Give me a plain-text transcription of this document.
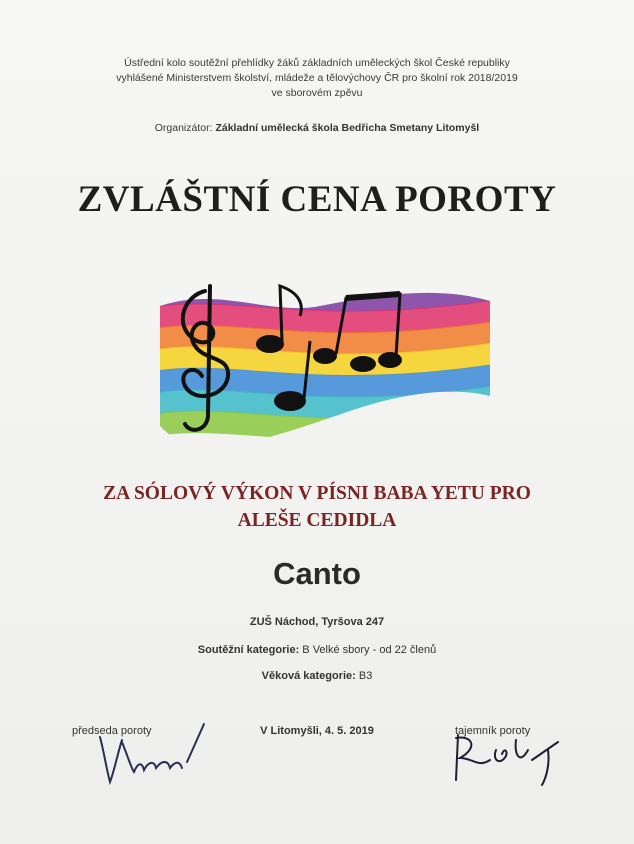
Ústřední kolo soutěžní přehlídky žáků základních uměleckých škol České republiky
vyhlášené Ministerstvem školství, mládeže a tělovýchovy ČR pro školní rok 2018/2019
ve sborovém zpěvu
Organizátor: Základní umělecká škola Bedřicha Smetany Litomyšl
ZVLÁŠTNÍ CENA POROTY
ZA SÓLOVÝ VÝKON V PÍSNI BABA YETU PRO
ALEŠE CEDIDLA
Canto
ZUŠ Náchod, Tyršova 247
Soutěžní kategorie: B Velké sbory - od 22 členů
Věková kategorie: B3
předseda poroty	V Litomyšli, 4. 5. 2019	tajemník poroty
